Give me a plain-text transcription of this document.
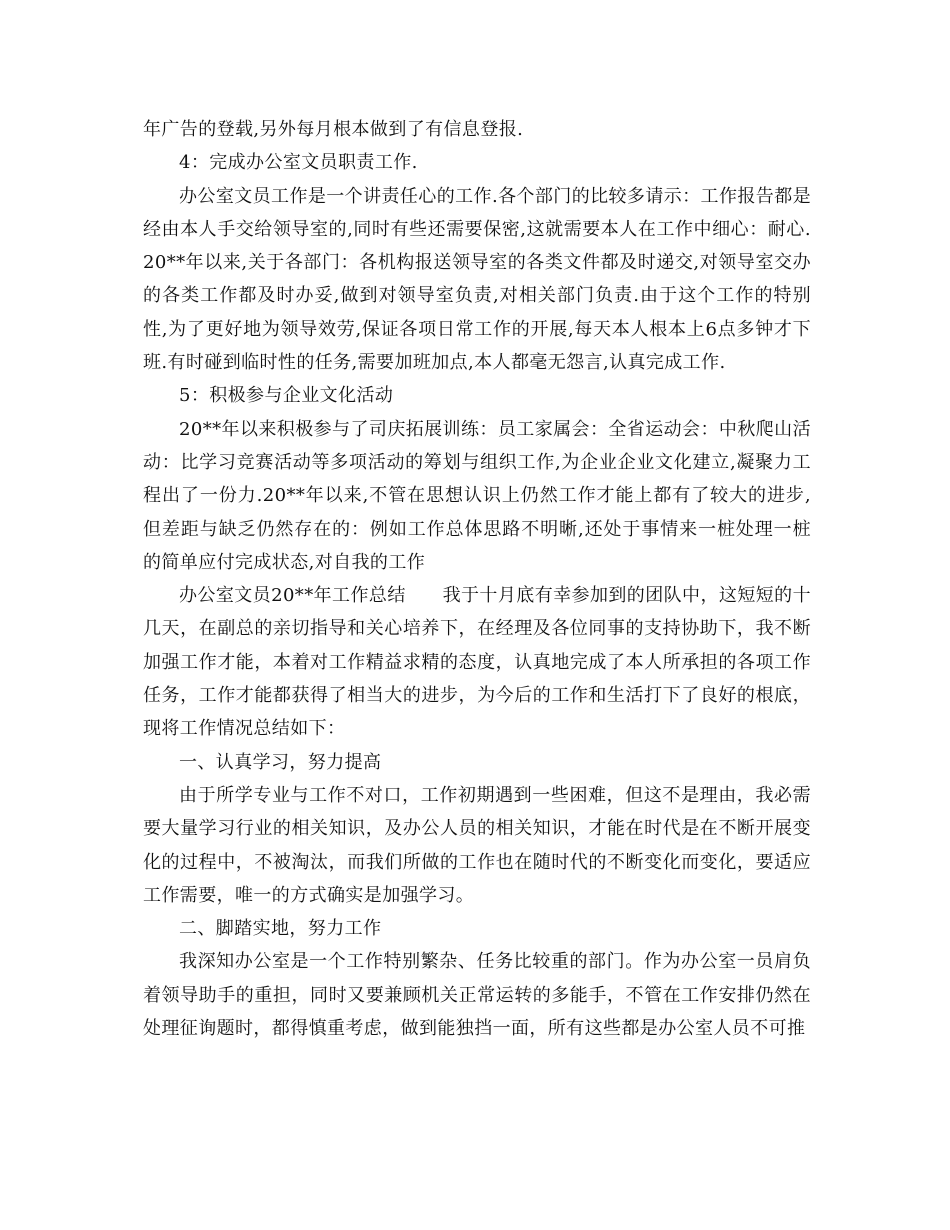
年广告的登载,另外每月根本做到了有信息登报.

4：完成办公室文员职责工作.

办公室文员工作是一个讲责任心的工作.各个部门的比较多请示：工作报告都是经由本人手交给领导室的,同时有些还需要保密,这就需要本人在工作中细心：耐心.20**年以来,关于各部门：各机构报送领导室的各类文件都及时递交,对领导室交办的各类工作都及时办妥,做到对领导室负责,对相关部门负责.由于这个工作的特别性,为了更好地为领导效劳,保证各项日常工作的开展,每天本人根本上6点多钟才下班.有时碰到临时性的任务,需要加班加点,本人都毫无怨言,认真完成工作.

5：积极参与企业文化活动

20**年以来积极参与了司庆拓展训练：员工家属会：全省运动会：中秋爬山活动：比学习竞赛活动等多项活动的筹划与组织工作,为企业企业文化建立,凝聚力工程出了一份力.20**年以来,不管在思想认识上仍然工作才能上都有了较大的进步,但差距与缺乏仍然存在的：例如工作总体思路不明晰,还处于事情来一桩处理一桩的简单应付完成状态,对自我的工作

办公室文员20**年工作总结　　我于十月底有幸参加到的团队中，这短短的十几天，在副总的亲切指导和关心培养下，在经理及各位同事的支持协助下，我不断加强工作才能，本着对工作精益求精的态度，认真地完成了本人所承担的各项工作任务，工作才能都获得了相当大的进步，为今后的工作和生活打下了良好的根底，现将工作情况总结如下：

一、认真学习，努力提高

由于所学专业与工作不对口，工作初期遇到一些困难，但这不是理由，我必需要大量学习行业的相关知识，及办公人员的相关知识，才能在时代是在不断开展变化的过程中，不被淘汰，而我们所做的工作也在随时代的不断变化而变化，要适应工作需要，唯一的方式确实是加强学习。

二、脚踏实地，努力工作

我深知办公室是一个工作特别繁杂、任务比较重的部门。作为办公室一员肩负着领导助手的重担，同时又要兼顾机关正常运转的多能手，不管在工作安排仍然在处理征询题时，都得慎重考虑，做到能独挡一面，所有这些都是办公室人员不可推
